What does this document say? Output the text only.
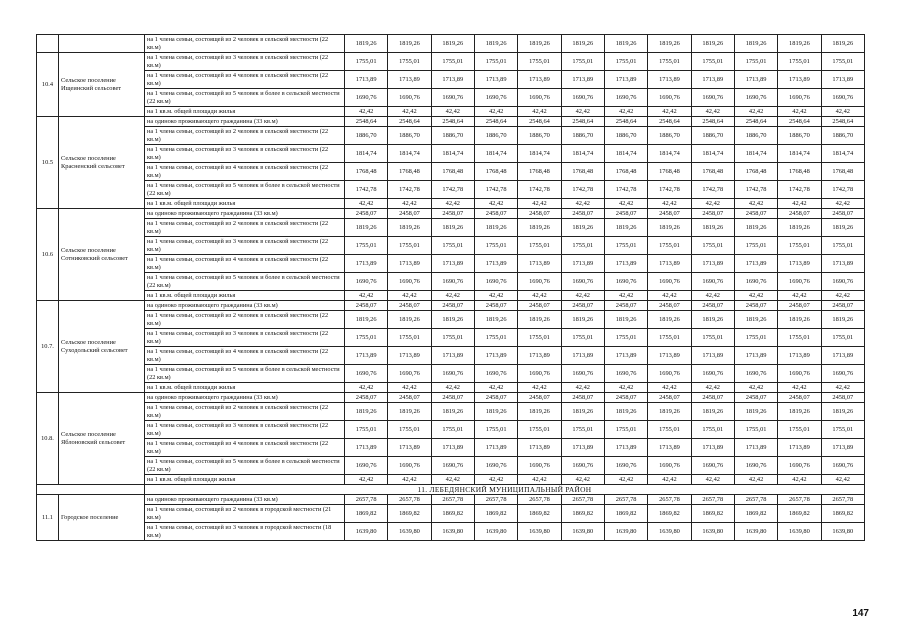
		на 1 члена семьи, состоящей из 2 человек в сельской местности (22 кв.м)	1819,26	1819,26	1819,26	1819,26	1819,26	1819,26	1819,26	1819,26	1819,26	1819,26	1819,26	1819,26
10.4	Сельское поселение Ищеинский сельсовет	на 1 члена семьи, состоящей из 3 человек в сельской местности (22 кв.м)	1755,01	1755,01	1755,01	1755,01	1755,01	1755,01	1755,01	1755,01	1755,01	1755,01	1755,01	1755,01
		на 1 члена семьи, состоящей из 4 человек в сельской местности (22 кв.м)	1713,89	1713,89	1713,89	1713,89	1713,89	1713,89	1713,89	1713,89	1713,89	1713,89	1713,89	1713,89
		на 1 члена семьи, состоящей из 5 человек и более в сельской местности (22 кв.м)	1690,76	1690,76	1690,76	1690,76	1690,76	1690,76	1690,76	1690,76	1690,76	1690,76	1690,76	1690,76
		на 1 кв.м. общей площади жилья	42,42	42,42	42,42	42,42	42,42	42,42	42,42	42,42	42,42	42,42	42,42	42,42
10.5	Сельское поселение Красненский сельсовет	на одиноко проживающего гражданина (33 кв.м)	2548,64	2548,64	2548,64	2548,64	2548,64	2548,64	2548,64	2548,64	2548,64	2548,64	2548,64	2548,64
		на 1 члена семьи, состоящей из 2 человек в сельской местности (22 кв.м)	1886,70	1886,70	1886,70	1886,70	1886,70	1886,70	1886,70	1886,70	1886,70	1886,70	1886,70	1886,70
		на 1 члена семьи, состоящей из 3 человек в сельской местности (22 кв.м)	1814,74	1814,74	1814,74	1814,74	1814,74	1814,74	1814,74	1814,74	1814,74	1814,74	1814,74	1814,74
		на 1 члена семьи, состоящей из 4 человек в сельской местности (22 кв.м)	1768,48	1768,48	1768,48	1768,48	1768,48	1768,48	1768,48	1768,48	1768,48	1768,48	1768,48	1768,48
		на 1 члена семьи, состоящей из 5 человек и более в сельской местности (22 кв.м)	1742,78	1742,78	1742,78	1742,78	1742,78	1742,78	1742,78	1742,78	1742,78	1742,78	1742,78	1742,78
		на 1 кв.м. общей площади жилья	42,42	42,42	42,42	42,42	42,42	42,42	42,42	42,42	42,42	42,42	42,42	42,42
10.6	Сельское поселение Сотниковский сельсовет	на одиноко проживающего гражданина (33 кв.м)	2458,07	2458,07	2458,07	2458,07	2458,07	2458,07	2458,07	2458,07	2458,07	2458,07	2458,07	2458,07
		на 1 члена семьи, состоящей из 2 человек в сельской местности (22 кв.м)	1819,26	1819,26	1819,26	1819,26	1819,26	1819,26	1819,26	1819,26	1819,26	1819,26	1819,26	1819,26
		на 1 члена семьи, состоящей из 3 человек в сельской местности (22 кв.м)	1755,01	1755,01	1755,01	1755,01	1755,01	1755,01	1755,01	1755,01	1755,01	1755,01	1755,01	1755,01
		на 1 члена семьи, состоящей из 4 человек в сельской местности (22 кв.м)	1713,89	1713,89	1713,89	1713,89	1713,89	1713,89	1713,89	1713,89	1713,89	1713,89	1713,89	1713,89
		на 1 члена семьи, состоящей из 5 человек и более в сельской местности (22 кв.м)	1690,76	1690,76	1690,76	1690,76	1690,76	1690,76	1690,76	1690,76	1690,76	1690,76	1690,76	1690,76
		на 1 кв.м. общей площади жилья	42,42	42,42	42,42	42,42	42,42	42,42	42,42	42,42	42,42	42,42	42,42	42,42
10.7.	Сельское поселение Суходольский сельсовет	на одиноко проживающего гражданина (33 кв.м)	2458,07	2458,07	2458,07	2458,07	2458,07	2458,07	2458,07	2458,07	2458,07	2458,07	2458,07	2458,07
		на 1 члена семьи, состоящей из 2 человек в сельской местности (22 кв.м)	1819,26	1819,26	1819,26	1819,26	1819,26	1819,26	1819,26	1819,26	1819,26	1819,26	1819,26	1819,26
		на 1 члена семьи, состоящей из 3 человек в сельской местности (22 кв.м)	1755,01	1755,01	1755,01	1755,01	1755,01	1755,01	1755,01	1755,01	1755,01	1755,01	1755,01	1755,01
		на 1 члена семьи, состоящей из 4 человек в сельской местности (22 кв.м)	1713,89	1713,89	1713,89	1713,89	1713,89	1713,89	1713,89	1713,89	1713,89	1713,89	1713,89	1713,89
		на 1 члена семьи, состоящей из 5 человек и более в сельской местности (22 кв.м)	1690,76	1690,76	1690,76	1690,76	1690,76	1690,76	1690,76	1690,76	1690,76	1690,76	1690,76	1690,76
		на 1 кв.м. общей площади жилья	42,42	42,42	42,42	42,42	42,42	42,42	42,42	42,42	42,42	42,42	42,42	42,42
10.8.	Сельское поселение Яблоновский сельсовет	на одиноко проживающего гражданина (33 кв.м)	2458,07	2458,07	2458,07	2458,07	2458,07	2458,07	2458,07	2458,07	2458,07	2458,07	2458,07	2458,07
		на 1 члена семьи, состоящей из 2 человек в сельской местности (22 кв.м)	1819,26	1819,26	1819,26	1819,26	1819,26	1819,26	1819,26	1819,26	1819,26	1819,26	1819,26	1819,26
		на 1 члена семьи, состоящей из 3 человек в сельской местности (22 кв.м)	1755,01	1755,01	1755,01	1755,01	1755,01	1755,01	1755,01	1755,01	1755,01	1755,01	1755,01	1755,01
		на 1 члена семьи, состоящей из 4 человек в сельской местности (22 кв.м)	1713,89	1713,89	1713,89	1713,89	1713,89	1713,89	1713,89	1713,89	1713,89	1713,89	1713,89	1713,89
		на 1 члена семьи, состоящей из 5 человек и более в сельской местности (22 кв.м)	1690,76	1690,76	1690,76	1690,76	1690,76	1690,76	1690,76	1690,76	1690,76	1690,76	1690,76	1690,76
		на 1 кв.м. общей площади жилья	42,42	42,42	42,42	42,42	42,42	42,42	42,42	42,42	42,42	42,42	42,42	42,42
		11. ЛЕБЕДЯНСКИЙ МУНИЦИПАЛЬНЫЙ РАЙОН												
11.1	Городское поселение	на одиноко проживающего гражданина (33 кв.м)	2657,78	2657,78	2657,78	2657,78	2657,78	2657,78	2657,78	2657,78	2657,78	2657,78	2657,78	2657,78
		на 1 члена семьи, состоящей из 2 человек в городской местности (21 кв.м)	1869,82	1869,82	1869,82	1869,82	1869,82	1869,82	1869,82	1869,82	1869,82	1869,82	1869,82	1869,82
		на 1 члена семьи, состоящей из 3 человек в городской местности (18 кв.м)	1639,80	1639,80	1639,80	1639,80	1639,80	1639,80	1639,80	1639,80	1639,80	1639,80	1639,80	1639,80
147
